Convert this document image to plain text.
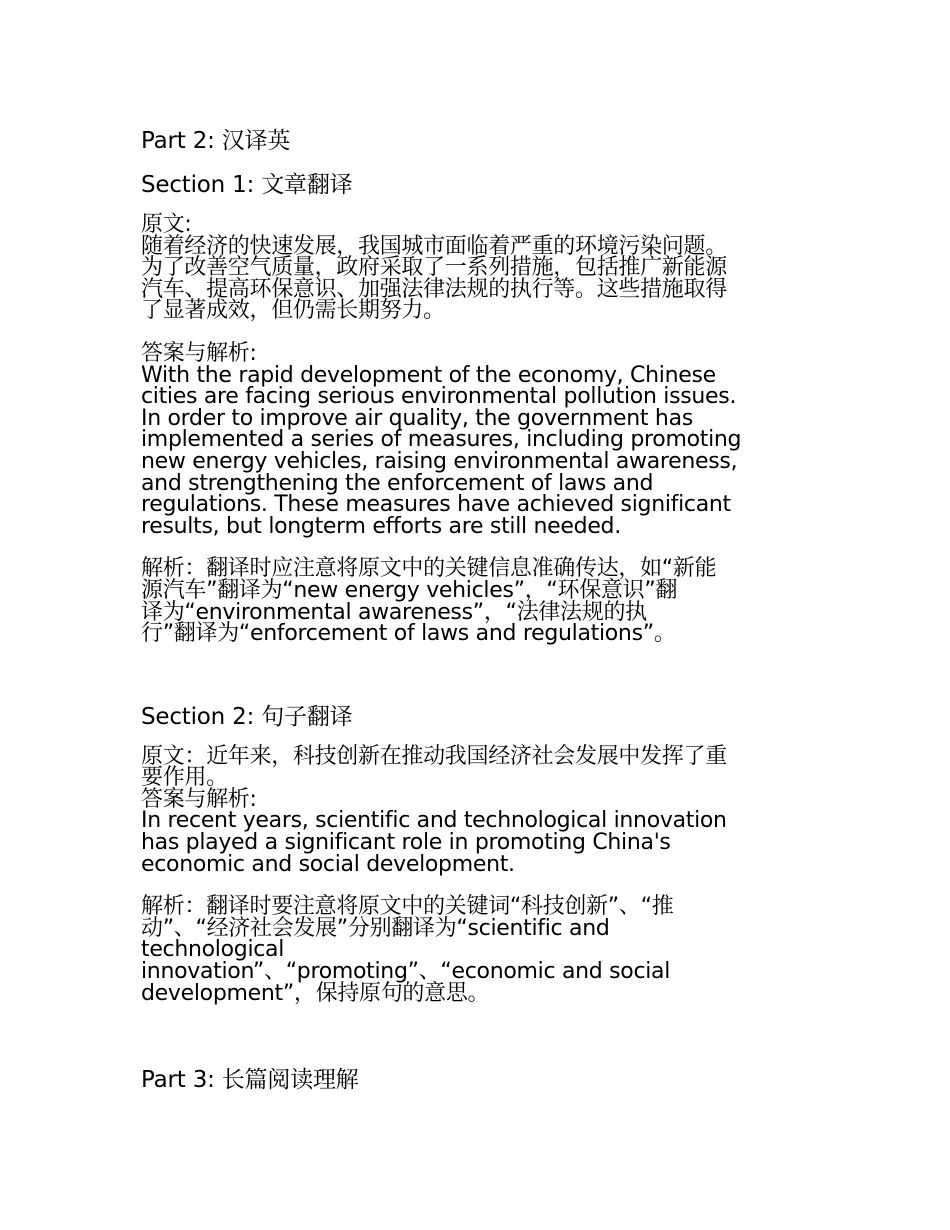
Part 2: 汉译英
Section 1: 文章翻译
原文:
随着经济的快速发展，我国城市面临着严重的环境污染问题。
为了改善空气质量，政府采取了一系列措施，包括推广新能源
汽车、提高环保意识、加强法律法规的执行等。这些措施取得
了显著成效，但仍需长期努力。
答案与解析:
With the rapid development of the economy, Chinese
cities are facing serious environmental pollution issues.
In order to improve air quality, the government has
implemented a series of measures, including promoting
new energy vehicles, raising environmental awareness,
and strengthening the enforcement of laws and
regulations. These measures have achieved significant
results, but longterm efforts are still needed.
解析：翻译时应注意将原文中的关键信息准确传达，如“新能
源汽车”翻译为“new energy vehicles”，“环保意识”翻
译为“environmental awareness”，“法律法规的执
行”翻译为“enforcement of laws and regulations”。
Section 2: 句子翻译
原文：近年来，科技创新在推动我国经济社会发展中发挥了重
要作用。
答案与解析:
In recent years, scientific and technological innovation
has played a significant role in promoting China's
economic and social development.
解析：翻译时要注意将原文中的关键词“科技创新”、“推
动”、“经济社会发展”分别翻译为“scientific and
technological
innovation”、“promoting”、“economic and social
development”，保持原句的意思。
Part 3: 长篇阅读理解
